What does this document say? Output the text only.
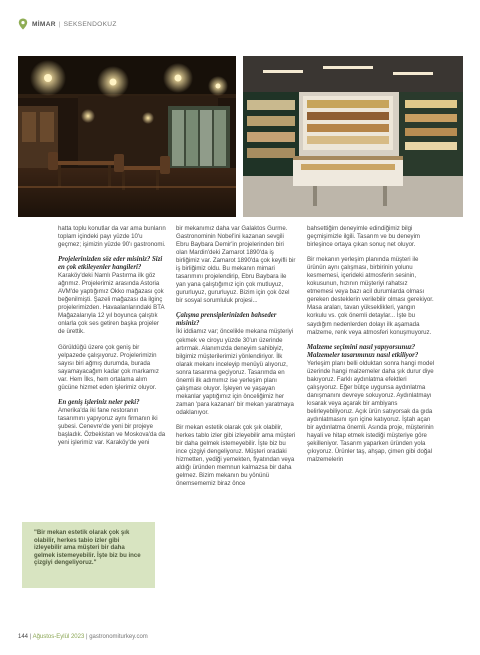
MİMAR | SEKSENDOKUZ

hatta toplu konutlar da var ama bunların toplam içindeki payı yüzde 10'u geçmez; işimizin yüzde 90'ı gastronomi.

Projelerinizden söz eder misiniz? Sizi en çok etkileyenler hangileri?

Karaköy'deki Namlı Pastırma ilk göz ağrımız. Projelerimiz arasında Astoria AVM'de yaptığımız Okko mağazası çok beğenilmişti. Şazeli mağazası da ilginç projelerimizden. Havaalanlarındaki BTA Mağazalarıyla 12 yıl boyunca çalıştık onlarla çok ses getiren başka projeler de ürettik.

Görüldüğü üzere çok geniş bir yelpazede çalışıyoruz. Projelerimizin sayısı biri ağmış durumda, burada sayamayacağım kadar çok markamız var. Hem İlks, hem ortalama alım gücüne hizmet eden işlerimiz oluyor.

En geniş işleriniz neler peki?

Amerika'da iki fane restoranın tasarımını yapıyoruz aynı firmanın iki şubesi. Cenevre'de yeni bir projeye başladık. Özbekistan ve Moskova'da da yeni işlerimiz var. Karaköy'de yeni

"Bir mekan estetik olarak çok şık olabilir, herkes tabio izler gibi izleyebilir ama müşteri bir daha gelmek istemeyebilir. İşte biz bu ince çizgiyi dengeliyoruz."

bir mekanımız daha var Galaktos Gurme. Gastronominin Nobel'ini kazanan sevgili Ebru Baybara Demir'in projelerinden biri olan Mardin'deki Zamarot 1890'da iş birliğimiz var. Zamarot 1890'da çok keyifli bir iş birliğimiz oldu. Bu mekanın mimari tasarımını projelendirip, Ebru Baybara ile yan yana çalıştığımız için çok mutluyuz, gururluyuz, gururluyuz. Bizim için çok özel bir sosyal sorumluluk projesi...

Çalışma prensiplerinizden bahseder misiniz?

İki iddiamız var; öncelikle mekana müşteriyi çekmek ve ciroyu yüzde 30'un üzerinde artırmak. Alanımızda deneyim sahibiyiz, bilgimiz müşterilerimizi yönlendiriyor. İlk olarak mekanı inceleyip menüyü alıyoruz, sonra tasarıma geçiyoruz. Tasarımda en önemli ilk adımımız ise yerleşim planı çalışması oluyor. İşleyen ve yaşayan mekanlar yaptığımız için önceliğimiz her zaman 'para kazanan' bir mekan yaratmaya odaklanıyor.

Bir mekan estetik olarak çok şık olabilir, herkes tablo izler gibi izleyebilir ama müşteri bir daha gelmek istemeyebilir. İşte biz bu ince çizgiyi dengeliyoruz. Müşteri oradaki hizmetten, yediği yemekten, fiyatından veya aldığı üründen memnun kalmazsa bir daha gelmez. Bizim mekanın bu yönünü önemsememiz biraz önce

bahsettiğim deneyimle edindiğimiz bilgi geçmişimizle ilgili. Tasarım ve bu deneyim birleşince ortaya çıkan sonuç net oluyor.

Bir mekanın yerleşim planında müşteri ile ürünün aynı çalışması, birbirinin yolunu kesmemesi, içerideki atmosferin sesinin, kokusunun, hızının müşteriyi rahatsız etmemesi veya bazı acil durumlarda olması gereken desteklerin verilebilir olması gerekiyor. Masa araları, tavan yükseklikleri, yangın korkulu vs. çok önemli detaylar... İşte bu saydığım nedenlerden dolayı ilk aşamada malzeme, renk veya atmosferi konuşmuyoruz.

Malzeme seçimini nasıl yapıyorsunuz? Malzemeler tasarımınızı nasıl etkiliyor?

Yerleşim planı belli olduktan sonra hangi model üzerinde hangi malzemeler daha şık durur diye bakıyoruz. Farklı aydınlatma efektleri çalışıyoruz. Eğer bütçe uygunsa aydınlatma danışmanını devreye sokuyoruz. Aydınlatmayı kısarak veya açarak bir ambiyans belirleyebiliyoruz. Açık ürün satıyorsak da gıda aydınlatmasını ışın içine katıyoruz. İştah açan bir aydınlatma önemli. Asında proje, müşterinin hayali ve hitap etmek istediği müşteriye göre şekilleniyor. Tasarım yaparken üründen yola çıkıyoruz. Ürünler taş, ahşap, çimen gibi doğal malzemelerin

144 | Ağustos-Eylül 2023 | gastronomiturkey.com
